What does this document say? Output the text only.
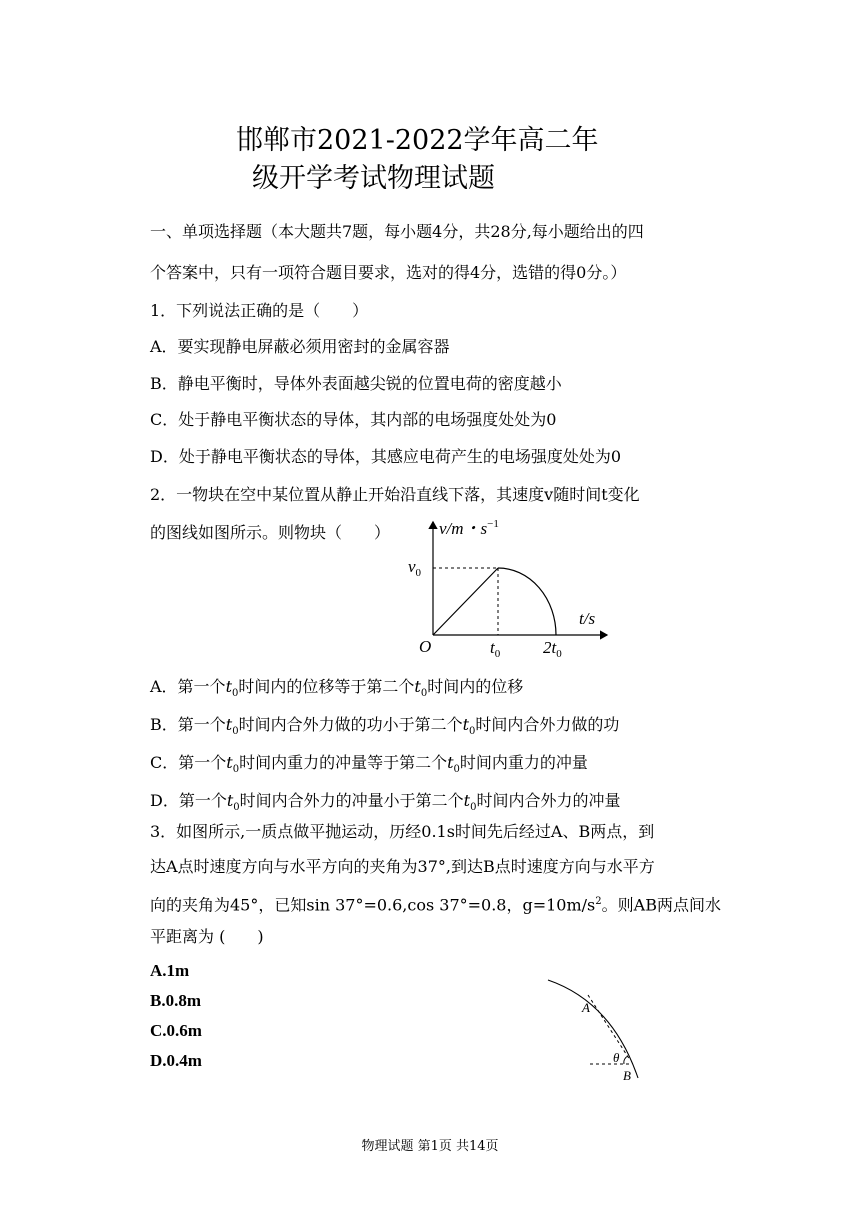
邯郸市2021-2022学年高二年
级开学考试物理试题
一、单项选择题（本大题共7题，每小题4分，共28分,每小题给出的四
个答案中，只有一项符合题目要求，选对的得4分，选错的得0分。）
1．下列说法正确的是（　　）
A．要实现静电屏蔽必须用密封的金属容器
B．静电平衡时，导体外表面越尖锐的位置电荷的密度越小
C．处于静电平衡状态的导体，其内部的电场强度处处为0
D．处于静电平衡状态的导体，其感应电荷产生的电场强度处处为0
2．一物块在空中某位置从静止开始沿直线下落，其速度v随时间t变化
的图线如图所示。则物块（　　）	v/m・$s^{-1}$
$v_0$
O	$t_0$	$2t_0$
t/s
A．第一个$t_0$时间内的位移等于第二个$t_0$时间内的位移
B．第一个$t_0$时间内合外力做的功小于第二个$t_0$时间内合外力做的功
C．第一个$t_0$时间内重力的冲量等于第二个$t_0$时间内重力的冲量
D．第一个$t_0$时间内合外力的冲量小于第二个$t_0$时间内合外力的冲量
3．如图所示,一质点做平抛运动，历经0.1s时间先后经过A、B两点，到
达A点时速度方向与水平方向的夹角为37°,到达B点时速度方向与水平方
向的夹角为45°，已知sin 37°=0.6,cos 37°=0.8，$g=10m/s^2$。则AB两点间水
平距离为 (　　)
A.1m
B.0.8m
C.0.6m
D.0.4m
A
θ
B
物理试题 第1页 共14页
